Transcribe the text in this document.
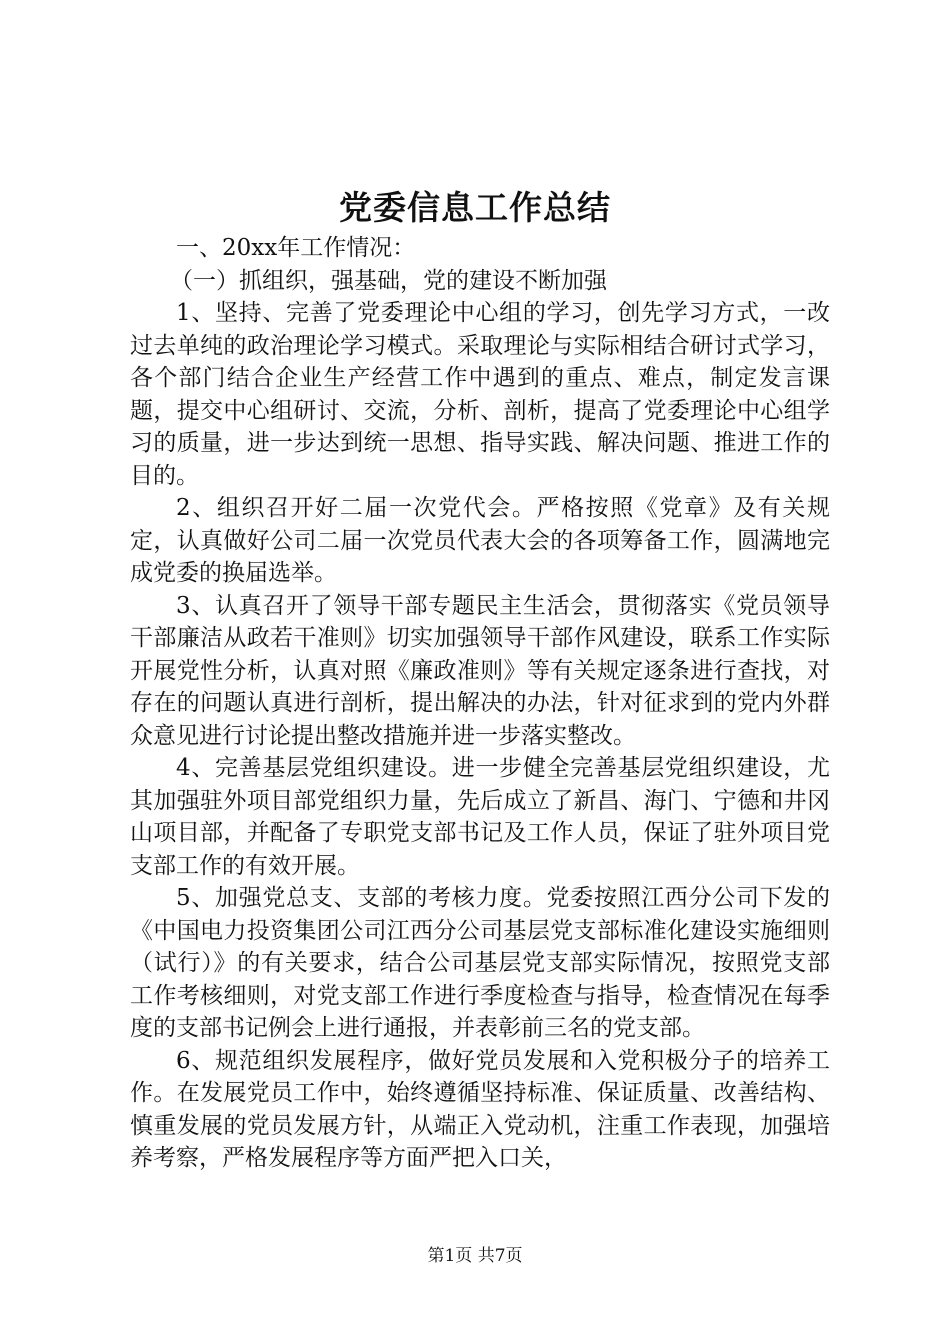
党委信息工作总结

一、20xx年工作情况：

（一）抓组织，强基础，党的建设不断加强

1、坚持、完善了党委理论中心组的学习，创先学习方式，一改过去单纯的政治理论学习模式。采取理论与实际相结合研讨式学习，各个部门结合企业生产经营工作中遇到的重点、难点，制定发言课题，提交中心组研讨、交流，分析、剖析，提高了党委理论中心组学习的质量，进一步达到统一思想、指导实践、解决问题、推进工作的目的。

2、组织召开好二届一次党代会。严格按照《党章》及有关规定，认真做好公司二届一次党员代表大会的各项筹备工作，圆满地完成党委的换届选举。

3、认真召开了领导干部专题民主生活会，贯彻落实《党员领导干部廉洁从政若干准则》切实加强领导干部作风建设，联系工作实际开展党性分析，认真对照《廉政准则》等有关规定逐条进行查找，对存在的问题认真进行剖析，提出解决的办法，针对征求到的党内外群众意见进行讨论提出整改措施并进一步落实整改。

4、完善基层党组织建设。进一步健全完善基层党组织建设，尤其加强驻外项目部党组织力量，先后成立了新昌、海门、宁德和井冈山项目部，并配备了专职党支部书记及工作人员，保证了驻外项目党支部工作的有效开展。

5、加强党总支、支部的考核力度。党委按照江西分公司下发的《中国电力投资集团公司江西分公司基层党支部标准化建设实施细则（试行）》的有关要求，结合公司基层党支部实际情况，按照党支部工作考核细则，对党支部工作进行季度检查与指导，检查情况在每季度的支部书记例会上进行通报，并表彰前三名的党支部。

6、规范组织发展程序，做好党员发展和入党积极分子的培养工作。在发展党员工作中，始终遵循坚持标准、保证质量、改善结构、慎重发展的党员发展方针，从端正入党动机，注重工作表现，加强培养考察，严格发展程序等方面严把入口关，

第1页 共7页
